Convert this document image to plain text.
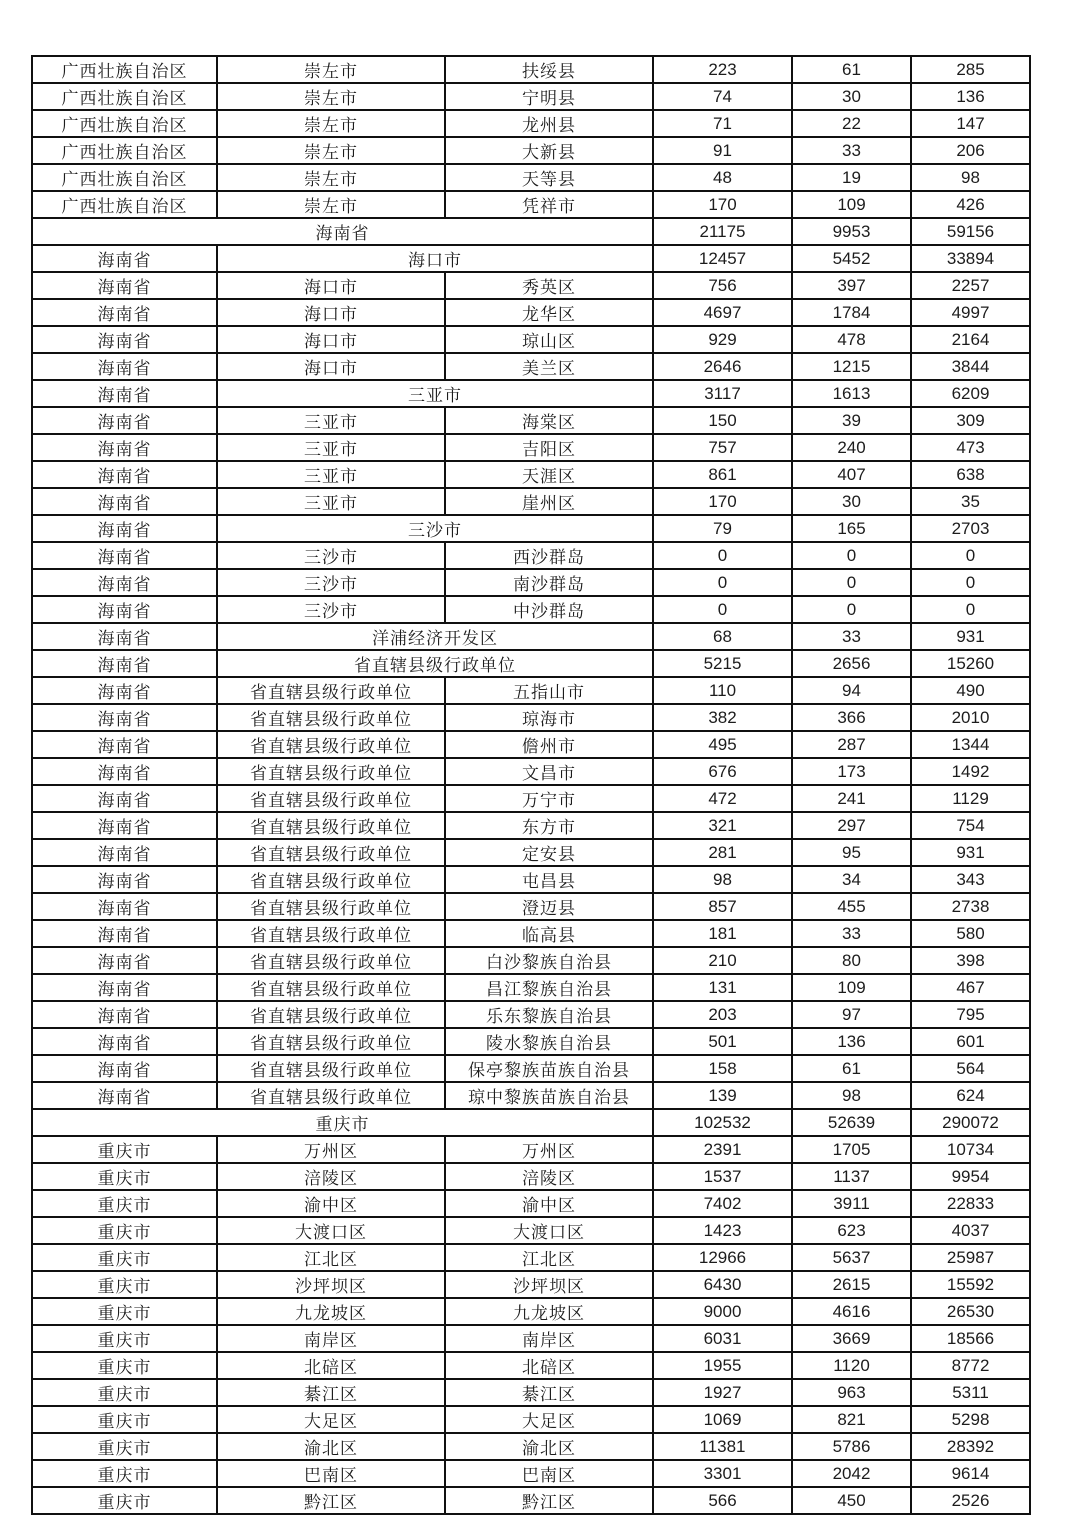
广西壮族自治区	崇左市	扶绥县	223	61	285
广西壮族自治区	崇左市	宁明县	74	30	136
广西壮族自治区	崇左市	龙州县	71	22	147
广西壮族自治区	崇左市	大新县	91	33	206
广西壮族自治区	崇左市	天等县	48	19	98
广西壮族自治区	崇左市	凭祥市	170	109	426
海南省			21175	9953	59156
海南省	海口市		12457	5452	33894
海南省	海口市	秀英区	756	397	2257
海南省	海口市	龙华区	4697	1784	4997
海南省	海口市	琼山区	929	478	2164
海南省	海口市	美兰区	2646	1215	3844
海南省	三亚市		3117	1613	6209
海南省	三亚市	海棠区	150	39	309
海南省	三亚市	吉阳区	757	240	473
海南省	三亚市	天涯区	861	407	638
海南省	三亚市	崖州区	170	30	35
海南省	三沙市		79	165	2703
海南省	三沙市	西沙群岛	0	0	0
海南省	三沙市	南沙群岛	0	0	0
海南省	三沙市	中沙群岛	0	0	0
海南省	洋浦经济开发区		68	33	931
海南省	省直辖县级行政单位		5215	2656	15260
海南省	省直辖县级行政单位	五指山市	110	94	490
海南省	省直辖县级行政单位	琼海市	382	366	2010
海南省	省直辖县级行政单位	儋州市	495	287	1344
海南省	省直辖县级行政单位	文昌市	676	173	1492
海南省	省直辖县级行政单位	万宁市	472	241	1129
海南省	省直辖县级行政单位	东方市	321	297	754
海南省	省直辖县级行政单位	定安县	281	95	931
海南省	省直辖县级行政单位	屯昌县	98	34	343
海南省	省直辖县级行政单位	澄迈县	857	455	2738
海南省	省直辖县级行政单位	临高县	181	33	580
海南省	省直辖县级行政单位	白沙黎族自治县	210	80	398
海南省	省直辖县级行政单位	昌江黎族自治县	131	109	467
海南省	省直辖县级行政单位	乐东黎族自治县	203	97	795
海南省	省直辖县级行政单位	陵水黎族自治县	501	136	601
海南省	省直辖县级行政单位	保亭黎族苗族自治县	158	61	564
海南省	省直辖县级行政单位	琼中黎族苗族自治县	139	98	624
重庆市			102532	52639	290072
重庆市	万州区	万州区	2391	1705	10734
重庆市	涪陵区	涪陵区	1537	1137	9954
重庆市	渝中区	渝中区	7402	3911	22833
重庆市	大渡口区	大渡口区	1423	623	4037
重庆市	江北区	江北区	12966	5637	25987
重庆市	沙坪坝区	沙坪坝区	6430	2615	15592
重庆市	九龙坡区	九龙坡区	9000	4616	26530
重庆市	南岸区	南岸区	6031	3669	18566
重庆市	北碚区	北碚区	1955	1120	8772
重庆市	綦江区	綦江区	1927	963	5311
重庆市	大足区	大足区	1069	821	5298
重庆市	渝北区	渝北区	11381	5786	28392
重庆市	巴南区	巴南区	3301	2042	9614
重庆市	黔江区	黔江区	566	450	2526
